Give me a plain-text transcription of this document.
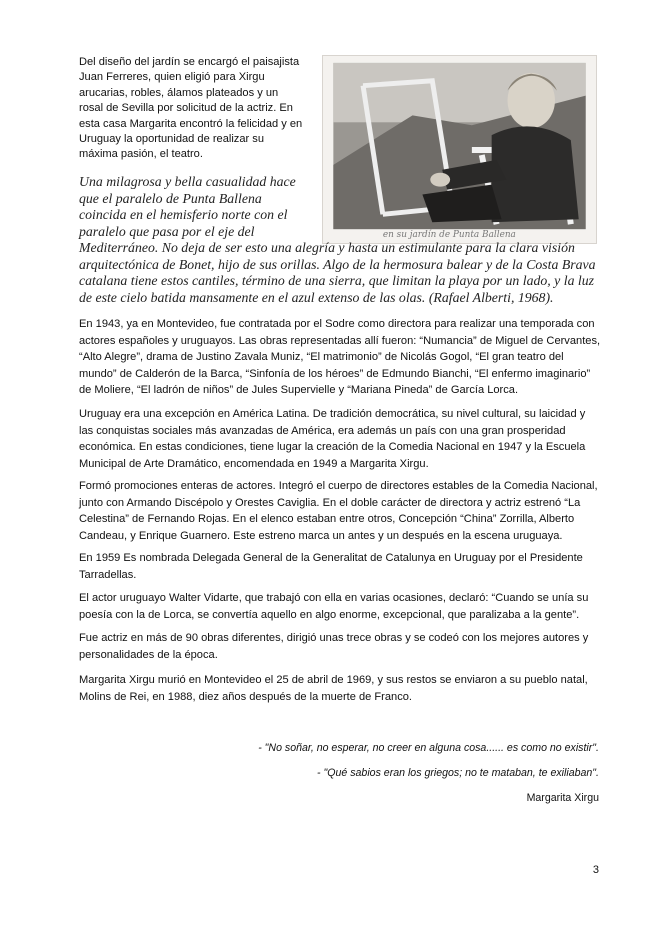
Del diseño del jardín se encargó el paisajista Juan Ferreres, quien eligió para Xirgu arucarias, robles, álamos plateados y un rosal de Sevilla por solicitud de la actriz. En esta casa Margarita encontró la felicidad y en Uruguay la oportunidad de realizar su máxima pasión, el teatro.

en su jardín de Punta Ballena
Una milagrosa y bella casualidad hace
que el paralelo de Punta Ballena
coincida en el hemisferio norte con el
paralelo que pasa por el eje del

Mediterráneo. No deja de ser esto una alegría y hasta un estimulante para la clara visión arquitectónica de Bonet, hijo de sus orillas. Algo de la hermosura balear y de la Costa Brava catalana tiene estos cantiles, término de una sierra, que limitan la playa por un lado, y la luz de este cielo batida mansamente en el azul extenso de las olas. (Rafael Alberti, 1968).

En 1943, ya en Montevideo, fue contratada por el Sodre como directora para realizar una temporada con actores españoles y uruguayos. Las obras representadas allí fueron: “Numancia” de Miguel de Cervantes, “Alto Alegre”, drama de Justino Zavala Muniz, “El matrimonio” de Nicolás Gogol, “El gran teatro del mundo” de Calderón de la Barca, “Sinfonía de los héroes” de Edmundo Bianchi, “El enfermo imaginario” de Moliere, “El ladrón de niños” de Jules Supervielle y “Mariana Pineda” de García Lorca.

Uruguay era una excepción en América Latina. De tradición democrática, su nivel cultural, su laicidad y las conquistas sociales más avanzadas de América, era además un país con una gran prosperidad económica. En estas condiciones, tiene lugar la creación de la Comedia Nacional en 1947 y la Escuela Municipal de Arte Dramático, encomendada en 1949 a Margarita Xirgu.

Formó promociones enteras de actores. Integró el cuerpo de directores estables de la Comedia Nacional, junto con Armando Discépolo y Orestes Caviglia. En el doble carácter de directora y actriz estrenó “La Celestina” de Fernando Rojas. En el elenco estaban entre otros, Concepción “China” Zorrilla, Alberto Candeau, y Enrique Guarnero. Este estreno marca un antes y un después en la escena uruguaya.

En 1959 Es nombrada Delegada General de la Generalitat de Catalunya en Uruguay por el Presidente Tarradellas.

El actor uruguayo Walter Vidarte, que trabajó con ella en varias ocasiones, declaró: “Cuando se unía su poesía con la de Lorca, se convertía aquello en algo enorme, excepcional, que paralizaba a la gente”.

Fue actriz en más de 90 obras diferentes, dirigió unas trece obras y se codeó con los mejores autores y personalidades de la época.

Margarita Xirgu murió en Montevideo el 25 de abril de 1969, y sus restos se enviaron a su pueblo natal, Molins de Rei, en 1988, diez años después de la muerte de Franco.

- "No soñar, no esperar, no creer en alguna cosa...... es como no existir".

- "Qué sabios eran los griegos; no te mataban, te exiliaban".

Margarita Xirgu

3
